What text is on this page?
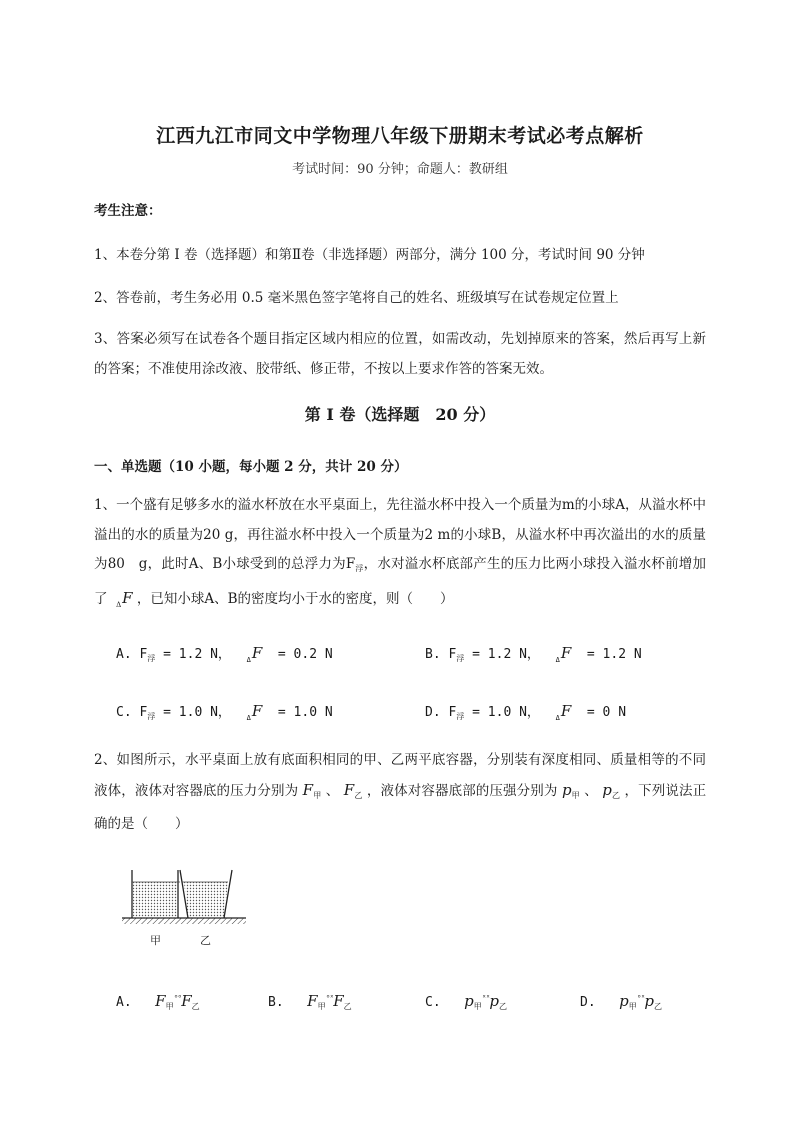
江西九江市同文中学物理八年级下册期末考试必考点解析
考试时间：90 分钟；命题人：教研组
考生注意：
1、本卷分第 I 卷（选择题）和第Ⅱ卷（非选择题）两部分，满分 100 分，考试时间 90 分钟
2、答卷前，考生务必用 0.5 毫米黑色签字笔将自己的姓名、班级填写在试卷规定位置上
3、答案必须写在试卷各个题目指定区域内相应的位置，如需改动，先划掉原来的答案，然后再写上新的答案；不准使用涂改液、胶带纸、修正带，不按以上要求作答的答案无效。
第 I 卷（选择题　20 分）
一、单选题（10 小题，每小题 2 分，共计 20 分）
1、一个盛有足够多水的溢水杯放在水平桌面上，先往溢水杯中投入一个质量为m的小球A，从溢水杯中溢出的水的质量为20 g，再往溢水杯中投入一个质量为2 m的小球B，从溢水杯中再次溢出的水的质量为80　g，此时A、B小球受到的总浮力为$F_浮$，水对溢水杯底部产生的压力比两小球投入溢水杯前增加了 $_\Delta$F ，已知小球A、B的密度均小于水的密度，则（　　）
A. $F_浮 = 1.2$ N， $_\Delta$F = 0.2 N	B. $F_浮 = 1.2$ N， $_\Delta$F = 1.2 N
C. $F_浮 = 1.0$ N， $_\Delta$F = 1.0 N	D. $F_浮 = 1.0$ N， $_\Delta$F = 0 N
2、如图所示，水平桌面上放有底面积相同的甲、乙两平底容器，分别装有深度相同、质量相等的不同液体，液体对容器底的压力分别为 $F_甲$ 、 $F_乙$ ，液体对容器底部的压强分别为 $p_甲$ 、 $p_乙$ ，下列说法正确的是（　　）
甲	乙
A. $F_甲^{ᵒᵒ}F_乙$	B. $F_甲^{ᵒˣ}F_乙$	C. $p_甲^{ˣˣ}p_乙$	D. $p_甲^{ᵒˣ}p_乙$
